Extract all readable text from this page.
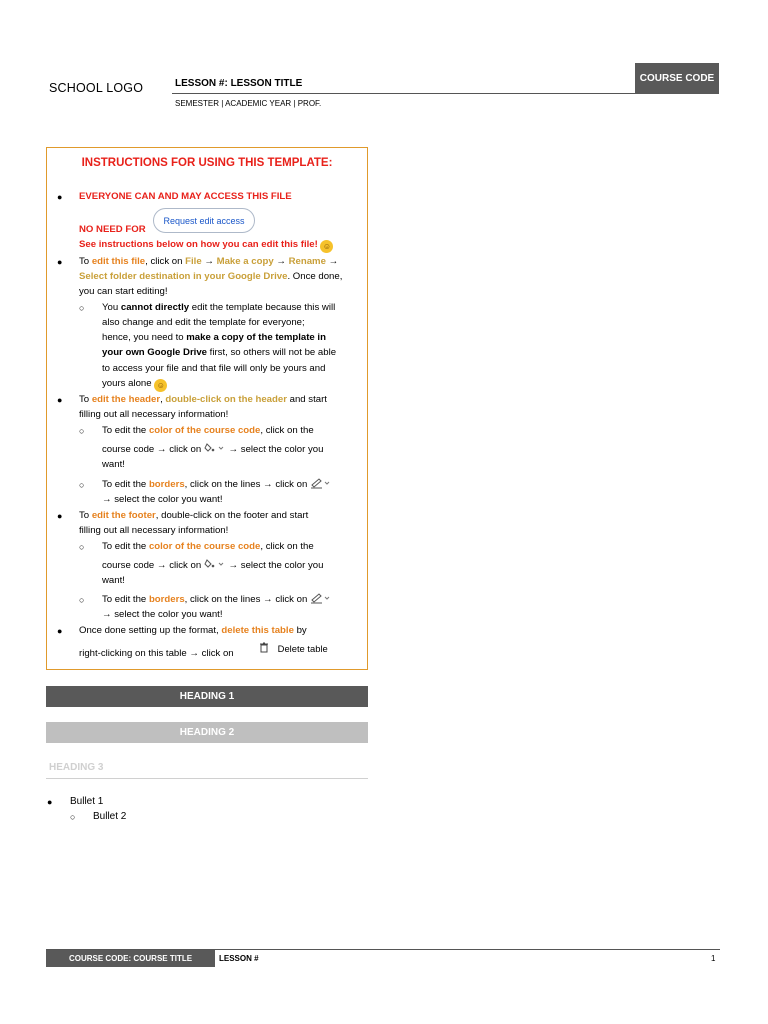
SCHOOL LOGO	LESSON #: LESSON TITLE
SEMESTER | ACADEMIC YEAR | PROF.
COURSE CODE
INSTRUCTIONS FOR USING THIS TEMPLATE:
● EVERYONE CAN AND MAY ACCESS THIS FILE
NO NEED FOR
Request edit access
See instructions below on how you can edit this file! ☺
● To edit this file, click on File → Make a copy → Rename →
Select folder destination in your Google Drive. Once done,
you can start editing!
○ You cannot directly edit the template because this will
also change and edit the template for everyone;
hence, you need to make a copy of the template in
your own Google Drive first, so others will not be able
to access your file and that file will only be yours and
yours alone ☺
● To edit the header, double-click on the header and start
filling out all necessary information!
○ To edit the color of the course code, click on the
course code → click on	→ select the color you
want!
○ To edit the borders, click on the lines → click on
→ select the color you want!
● To edit the footer, double-click on the footer and start
filling out all necessary information!
○ To edit the color of the course code, click on the
course code → click on	→ select the color you
want!
○ To edit the borders, click on the lines → click on
→ select the color you want!
● Once done setting up the format, delete this table by
right-clicking on this table → click on	Delete table
HEADING 1
HEADING 2
HEADING 3
● Bullet 1
○ Bullet 2
COURSE CODE: COURSE TITLE	LESSON #	1
